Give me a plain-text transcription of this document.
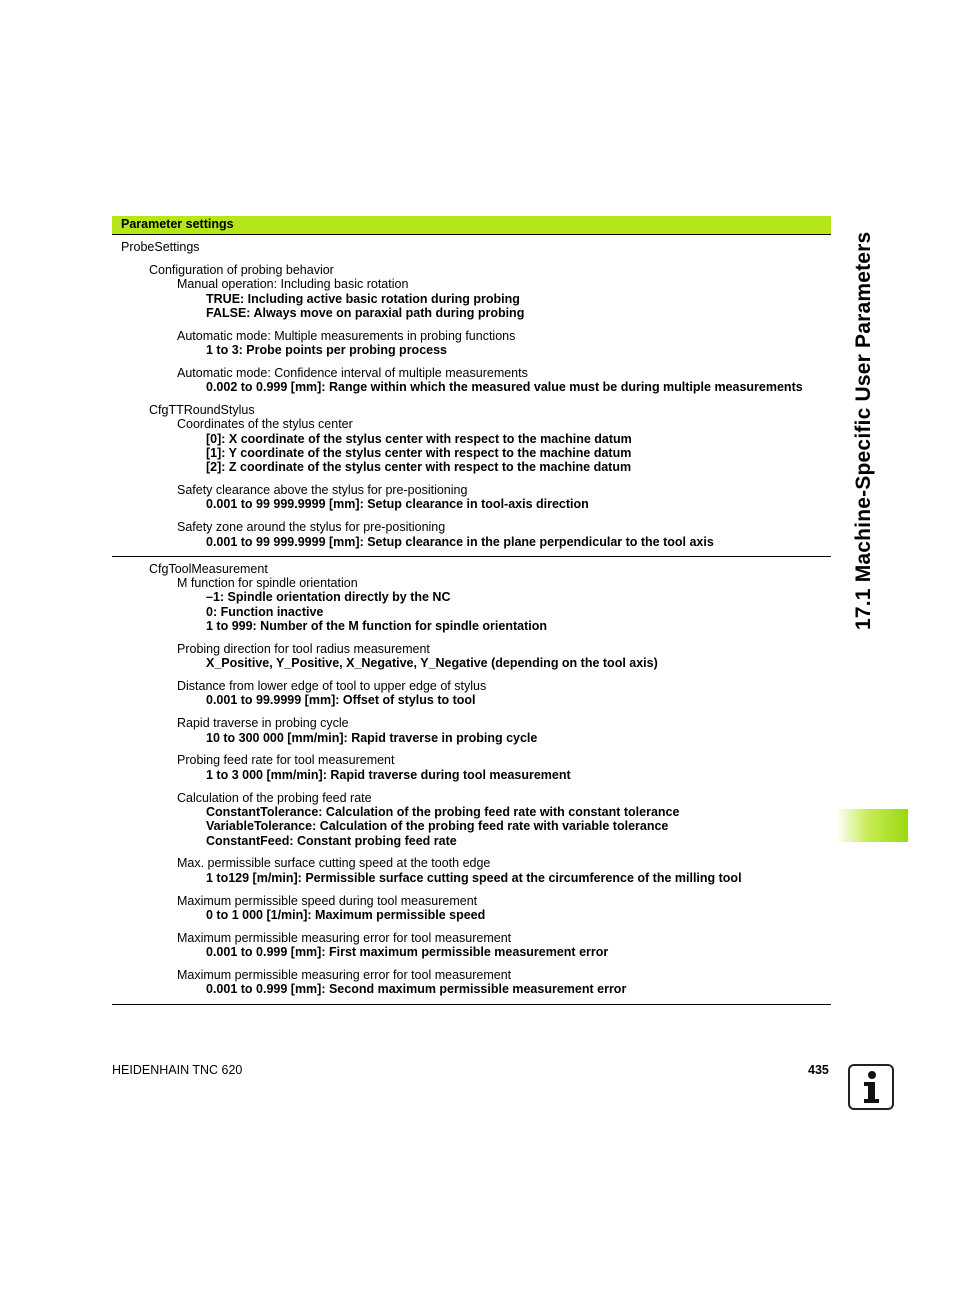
Parameter settings
ProbeSettings
Configuration of probing behavior
Manual operation: Including basic rotation
TRUE: Including active basic rotation during probing
FALSE: Always move on paraxial path during probing
Automatic mode: Multiple measurements in probing functions
1 to 3: Probe points per probing process
Automatic mode: Confidence interval of multiple measurements
0.002 to 0.999 [mm]: Range within which the measured value must be during multiple measurements
CfgTTRoundStylus
Coordinates of the stylus center
[0]: X coordinate of the stylus center with respect to the machine datum
[1]: Y coordinate of the stylus center with respect to the machine datum
[2]: Z coordinate of the stylus center with respect to the machine datum
Safety clearance above the stylus for pre-positioning
0.001 to 99 999.9999 [mm]: Setup clearance in tool-axis direction
Safety zone around the stylus for pre-positioning
0.001 to 99 999.9999 [mm]: Setup clearance in the plane perpendicular to the tool axis
CfgToolMeasurement
M function for spindle orientation
–1: Spindle orientation directly by the NC
0: Function inactive
1 to 999: Number of the M function for spindle orientation
Probing direction for tool radius measurement
X_Positive, Y_Positive, X_Negative, Y_Negative (depending on the tool axis)
Distance from lower edge of tool to upper edge of stylus
0.001 to 99.9999 [mm]: Offset of stylus to tool
Rapid traverse in probing cycle
10 to 300 000 [mm/min]: Rapid traverse in probing cycle
Probing feed rate for tool measurement
1 to 3 000 [mm/min]: Rapid traverse during tool measurement
Calculation of the probing feed rate
ConstantTolerance: Calculation of the probing feed rate with constant tolerance
VariableTolerance: Calculation of the probing feed rate with variable tolerance
ConstantFeed: Constant probing feed rate
Max. permissible surface cutting speed at the tooth edge
1 to129 [m/min]: Permissible surface cutting speed at the circumference of the milling tool
Maximum permissible speed during tool measurement
0 to 1 000 [1/min]: Maximum permissible speed
Maximum permissible measuring error for tool measurement
0.001 to 0.999 [mm]: First maximum permissible measurement error
Maximum permissible measuring error for tool measurement
0.001 to 0.999 [mm]: Second maximum permissible measurement error
17.1 Machine-Specific User Parameters
HEIDENHAIN TNC 620	435
